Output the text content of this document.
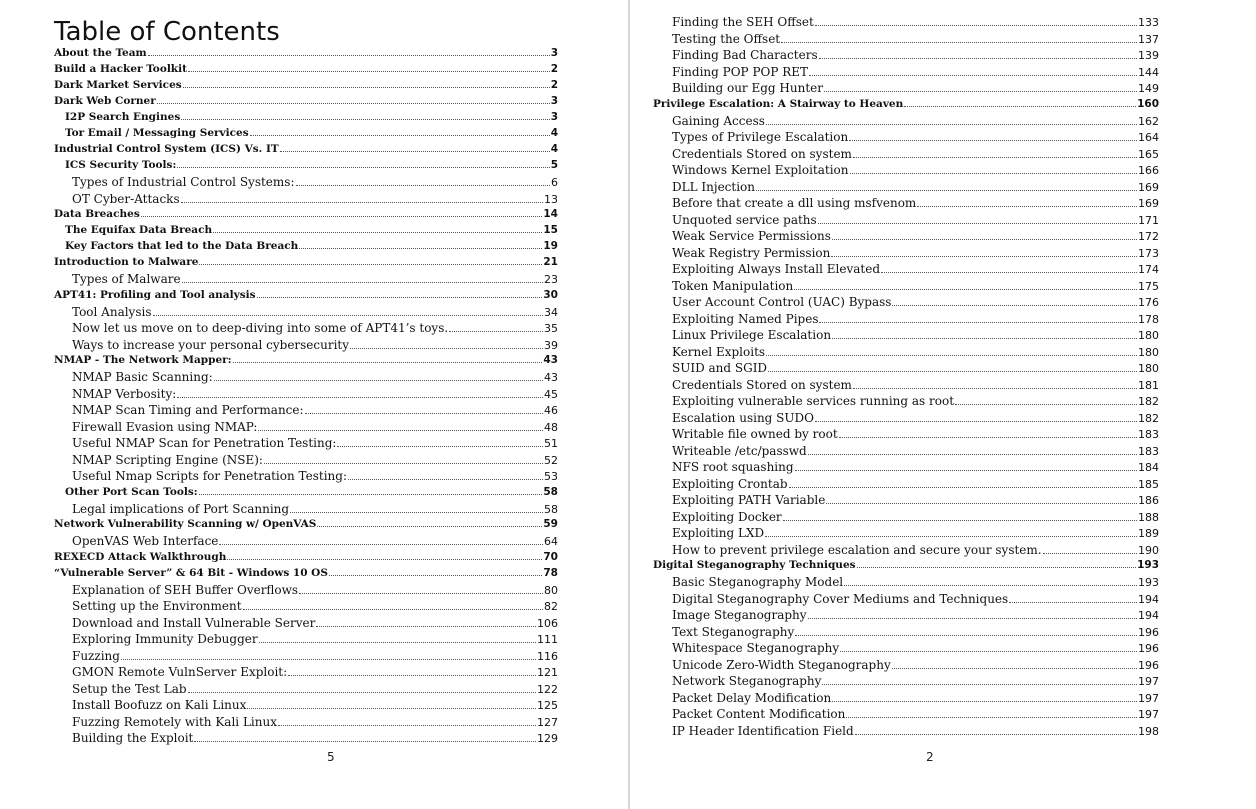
Table of Contents
About the Team	3
Build a Hacker Toolkit	2
Dark Market Services	2
Dark Web Corner	3
I2P Search Engines	3
Tor Email / Messaging Services	4
Industrial Control System (ICS) Vs. IT	4
ICS Security Tools:	5
Types of Industrial Control Systems:	6
OT Cyber-Attacks	13
Data Breaches	14
The Equifax Data Breach	15
Key Factors that led to the Data Breach	19
Introduction to Malware	21
Types of Malware	23
APT41: Profiling and Tool analysis	30
Tool Analysis	34
Now let us move on to deep-diving into some of APT41’s toys.	35
Ways to increase your personal cybersecurity	39
NMAP - The Network Mapper:	43
NMAP Basic Scanning:	43
NMAP Verbosity:	45
NMAP Scan Timing and Performance:	46
Firewall Evasion using NMAP:	48
Useful NMAP Scan for Penetration Testing:	51
NMAP Scripting Engine (NSE):	52
Useful Nmap Scripts for Penetration Testing:	53
Other Port Scan Tools:	58
Legal implications of Port Scanning	58
Network Vulnerability Scanning w/ OpenVAS	59
OpenVAS Web Interface	64
REXECD Attack Walkthrough	70
“Vulnerable Server” & 64 Bit - Windows 10 OS	78
Explanation of SEH Buffer Overflows	80
Setting up the Environment	82
Download and Install Vulnerable Server	106
Exploring Immunity Debugger	111
Fuzzing	116
GMON Remote VulnServer Exploit:	121
Setup the Test Lab	122
Install Boofuzz on Kali Linux	125
Fuzzing Remotely with Kali Linux	127
Building the Exploit	129
5
Finding the SEH Offset	133
Testing the Offset	137
Finding Bad Characters	139
Finding POP POP RET	144
Building our Egg Hunter	149
Privilege Escalation: A Stairway to Heaven	160
Gaining Access	162
Types of Privilege Escalation	164
Credentials Stored on system	165
Windows Kernel Exploitation	166
DLL Injection	169
Before that create a dll using msfvenom	169
Unquoted service paths	171
Weak Service Permissions	172
Weak Registry Permission	173
Exploiting Always Install Elevated	174
Token Manipulation	175
User Account Control (UAC) Bypass	176
Exploiting Named Pipes	178
Linux Privilege Escalation	180
Kernel Exploits	180
SUID and SGID	180
Credentials Stored on system	181
Exploiting vulnerable services running as root	182
Escalation using SUDO	182
Writable file owned by root	183
Writeable /etc/passwd	183
NFS root squashing	184
Exploiting Crontab	185
Exploiting PATH Variable	186
Exploiting Docker	188
Exploiting LXD	189
How to prevent privilege escalation and secure your system.	190
Digital Steganography Techniques	193
Basic Steganography Model	193
Digital Steganography Cover Mediums and Techniques	194
Image Steganography	194
Text Steganography	196
Whitespace Steganography	196
Unicode Zero-Width Steganography	196
Network Steganography	197
Packet Delay Modification	197
Packet Content Modification	197
IP Header Identification Field	198
2
